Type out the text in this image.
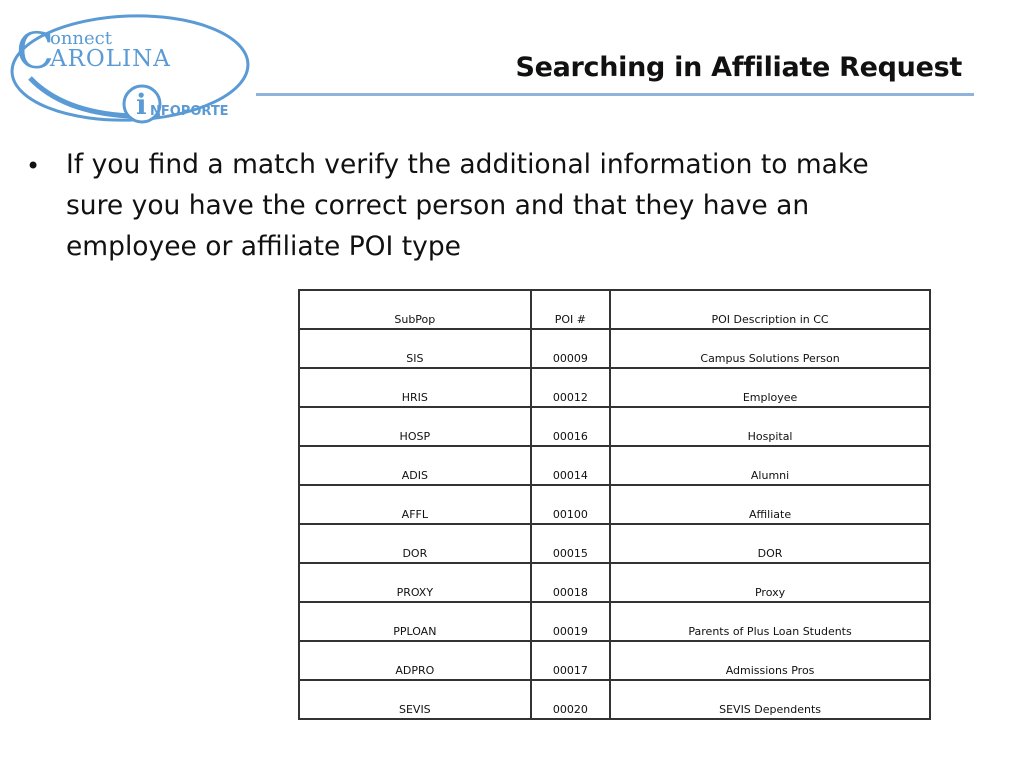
C
onnect
AROLINA
i NFOPORTE
Searching in Affiliate Request
• If you find a match verify the additional information to make sure you have the correct person and that they have an employee or affiliate POI type
SubPop	POI #	POI Description in CC
SIS	00009	Campus Solutions Person
HRIS	00012	Employee
HOSP	00016	Hospital
ADIS	00014	Alumni
AFFL	00100	Affiliate
DOR	00015	DOR
PROXY	00018	Proxy
PPLOAN	00019	Parents of Plus Loan Students
ADPRO	00017	Admissions Pros
SEVIS	00020	SEVIS Dependents
